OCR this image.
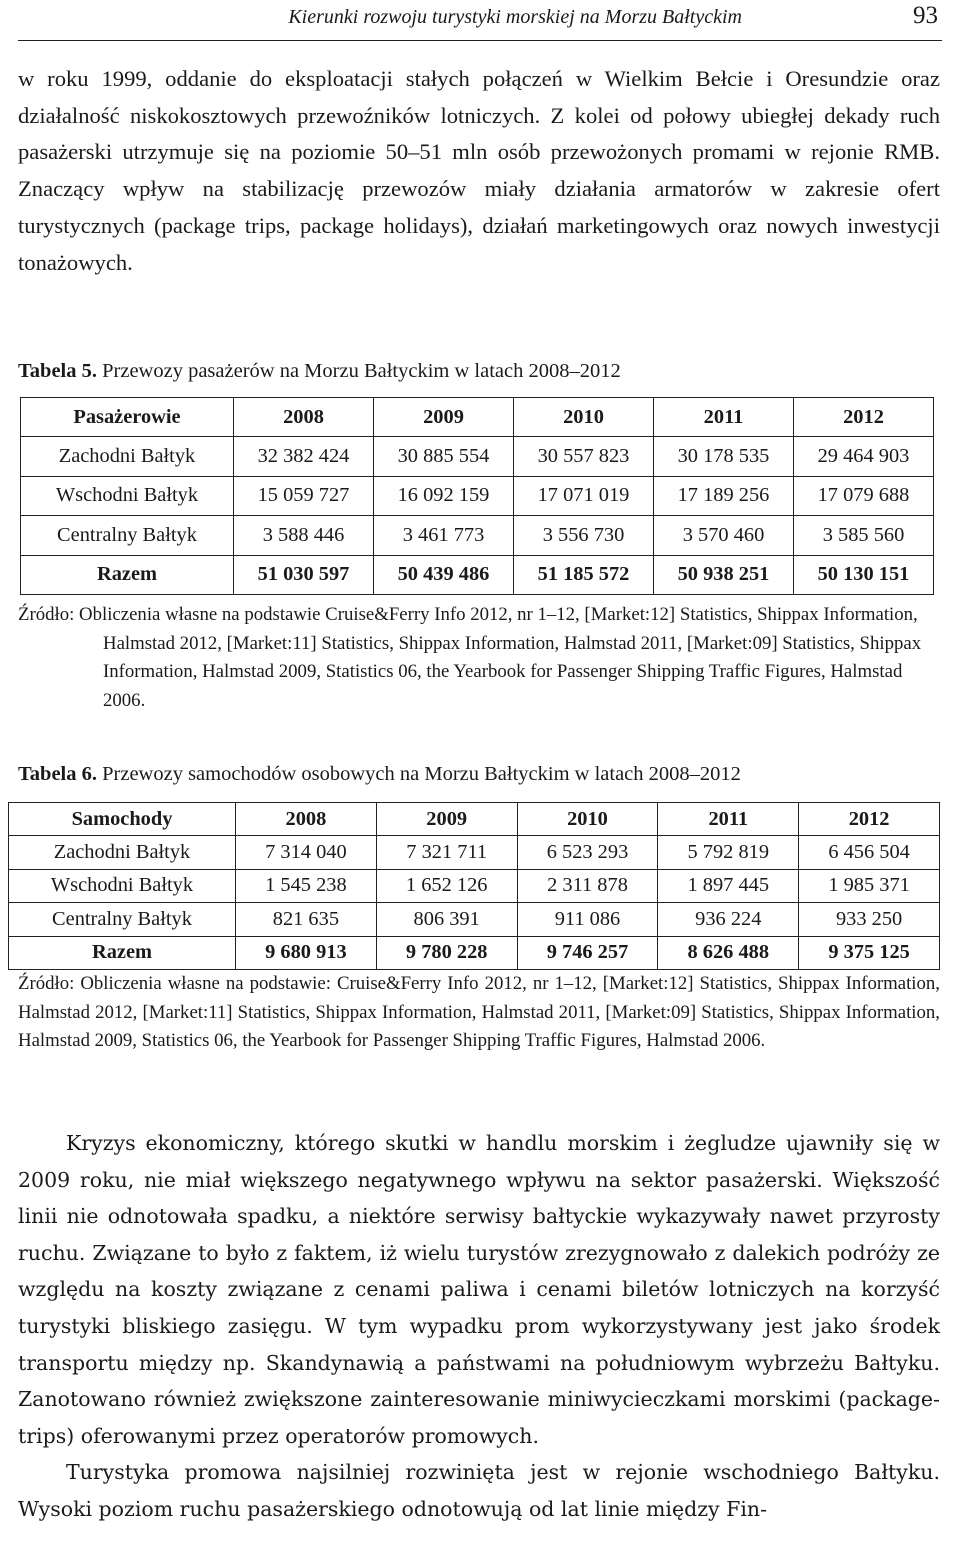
Kierunki rozwoju turystyki morskiej na Morzu Bałtyckim	93

w roku 1999, oddanie do eksploatacji stałych połączeń w Wielkim Bełcie i Oresundzie oraz działalność niskokosztowych przewoźników lotniczych. Z kolei od połowy ubiegłej dekady ruch pasażerski utrzymuje się na poziomie 50–51 mln osób przewożonych promami w rejonie RMB. Znaczący wpływ na stabilizację przewozów miały działania armatorów w zakresie ofert turystycznych (package trips, package holidays), działań marketingowych oraz nowych inwestycji tonażowych.

Tabela 5. Przewozy pasażerów na Morzu Bałtyckim w latach 2008–2012

Pasażerowie	2008	2009	2010	2011	2012
Zachodni Bałtyk	32 382 424	30 885 554	30 557 823	30 178 535	29 464 903
Wschodni Bałtyk	15 059 727	16 092 159	17 071 019	17 189 256	17 079 688
Centralny Bałtyk	3 588 446	3 461 773	3 556 730	3 570 460	3 585 560
Razem	51 030 597	50 439 486	51 185 572	50 938 251	50 130 151

Źródło: Obliczenia własne na podstawie Cruise&Ferry Info 2012, nr 1–12, [Market:12] Statistics, Shippax Information, Halmstad 2012, [Market:11] Statistics, Shippax Information, Halmstad 2011, [Market:09] Statistics, Shippax Information, Halmstad 2009, Statistics 06, the Yearbook for Passenger Shipping Traffic Figures, Halmstad 2006.

Tabela 6. Przewozy samochodów osobowych na Morzu Bałtyckim w latach 2008–2012

Samochody	2008	2009	2010	2011	2012
Zachodni Bałtyk	7 314 040	7 321 711	6 523 293	5 792 819	6 456 504
Wschodni Bałtyk	1 545 238	1 652 126	2 311 878	1 897 445	1 985 371
Centralny Bałtyk	821 635	806 391	911 086	936 224	933 250
Razem	9 680 913	9 780 228	9 746 257	8 626 488	9 375 125

Źródło: Obliczenia własne na podstawie: Cruise&Ferry Info 2012, nr 1–12, [Market:12] Statistics, Shippax Information, Halmstad 2012, [Market:11] Statistics, Shippax Information, Halmstad 2011, [Market:09] Statistics, Shippax Information, Halmstad 2009, Statistics 06, the Yearbook for Passenger Shipping Traffic Figures, Halmstad 2006.

Kryzys ekonomiczny, którego skutki w handlu morskim i żegludze ujawniły się w 2009 roku, nie miał większego negatywnego wpływu na sektor pasażerski. Większość linii nie odnotowała spadku, a niektóre serwisy bałtyckie wykazywały nawet przyrosty ruchu. Związane to było z faktem, iż wielu turystów zrezygnowało z dalekich podróży ze względu na koszty związane z cenami paliwa i cenami biletów lotniczych na korzyść turystyki bliskiego zasięgu. W tym wypadku prom wykorzystywany jest jako środek transportu między np. Skandynawią a państwami na południowym wybrzeżu Bałtyku. Zanotowano również zwiększone zainteresowanie miniwycieczkami morskimi (package-trips) oferowanymi przez operatorów promowych.

Turystyka promowa najsilniej rozwinięta jest w rejonie wschodniego Bałtyku. Wysoki poziom ruchu pasażerskiego odnotowują od lat linie między Fin-
